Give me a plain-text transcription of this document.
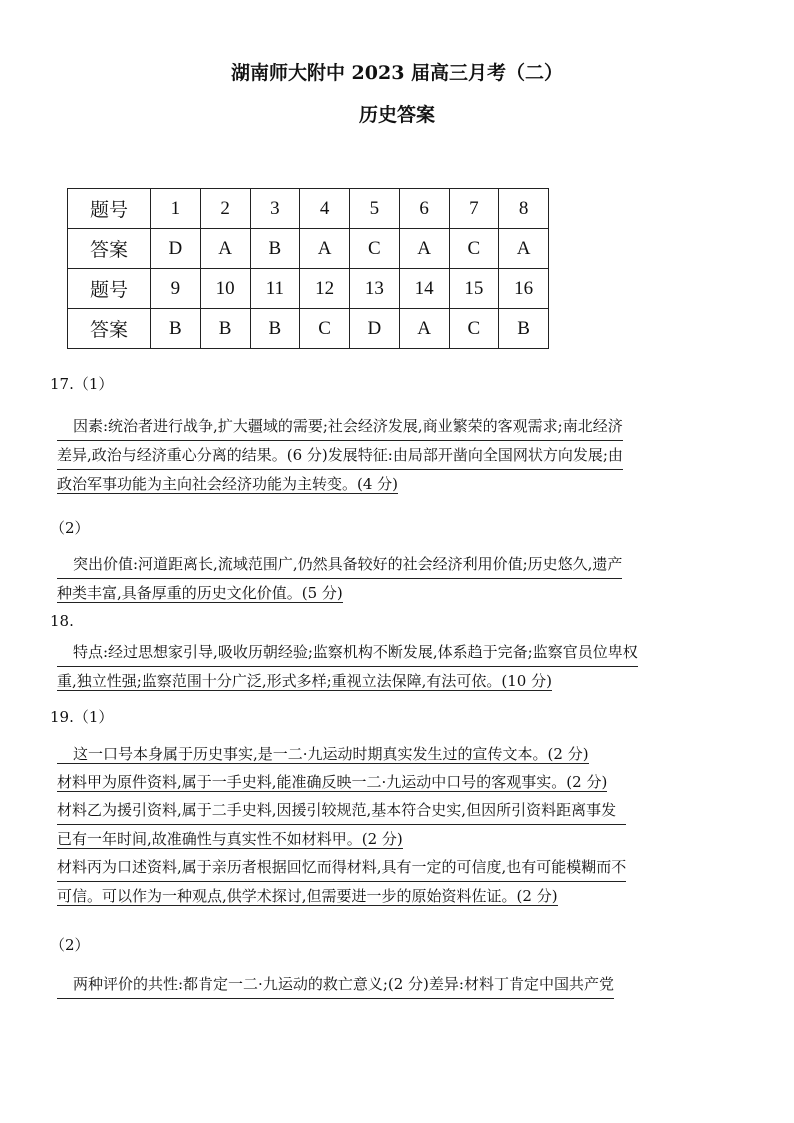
湖南师大附中 2023 届高三月考（二）
历史答案
题号	1	2	3	4	5	6	7	8
答案	D	A	B	A	C	A	C	A
题号	9	10	11	12	13	14	15	16
答案	B	B	B	C	D	A	C	B
17.（1）
因素:统治者进行战争,扩大疆域的需要;社会经济发展,商业繁荣的客观需求;南北经济
差异,政治与经济重心分离的结果。(6 分)发展特征:由局部开凿向全国网状方向发展;由
政治军事功能为主向社会经济功能为主转变。(4 分)
（2）
突出价值:河道距离长,流域范围广,仍然具备较好的社会经济利用价值;历史悠久,遗产
种类丰富,具备厚重的历史文化价值。(5 分)
18.
特点:经过思想家引导,吸收历朝经验;监察机构不断发展,体系趋于完备;监察官员位卑权
重,独立性强;监察范围十分广泛,形式多样;重视立法保障,有法可依。(10 分)
19.（1）
这一口号本身属于历史事实,是一二·九运动时期真实发生过的宣传文本。(2 分)
材料甲为原件资料,属于一手史料,能准确反映一二·九运动中口号的客观事实。(2 分)
材料乙为援引资料,属于二手史料,因援引较规范,基本符合史实,但因所引资料距离事发
已有一年时间,故准确性与真实性不如材料甲。(2 分)
材料丙为口述资料,属于亲历者根据回忆而得材料,具有一定的可信度,也有可能模糊而不
可信。可以作为一种观点,供学术探讨,但需要进一步的原始资料佐证。(2 分)
（2）
两种评价的共性:都肯定一二·九运动的救亡意义;(2 分)差异:材料丁肯定中国共产党
